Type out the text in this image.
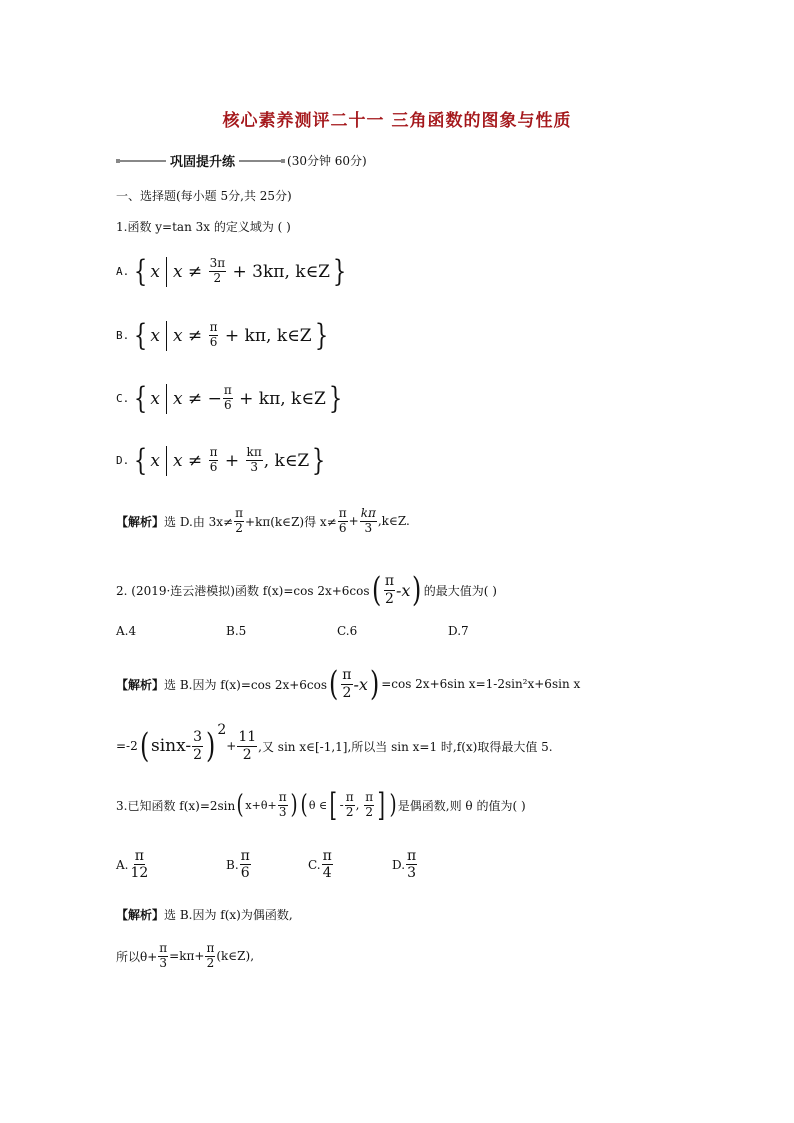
核心素养测评二十一 三角函数的图象与性质
巩固提升练	(30分钟 60分)
一、选择题(每小题 5分,共 25分)
1.函数 y=tan 3x 的定义域为 ( )
A. { x $x \ne \frac{3\pi}{2}$
+ 3kπ, k∈Z }
B. { x $x \ne \frac{\pi}{6}$
+ kπ, k∈Z }
C. { x x ≠ − $\frac{\pi}{6}$
+ kπ, k∈Z }
D. { x $x \ne \frac{\pi}{6} + \frac{k\pi}{3}$ , k∈Z }
【解析】 选 D.由 $3x\ne \frac{\pi}{2}$ +kπ(k∈Z)得 $x\ne \frac{\pi}{6} + \frac{k\pi}{3}$ ,k∈Z.
2. (2019·连云港模拟)函数 f(x)=cos 2x+6cos ( $\frac{\pi}{2} -x$ ) 的最大值为( )
A.4	B.5	C.6	D.7
【解析】 选 B.因为 f(x)=cos 2x+6cos ( $\frac{\pi}{2} -x$ ) =cos 2x+6sin x=1-2sin²x+6sin x
=-2 ( $\sin x- \frac{3}{2}$ ) 2
+ $\frac{11}{2}$ ,又 sin x∈[-1,1],所以当 sin x=1 时,f(x)取得最大值 5.
3.已知函数 f(x)=2sin ( $x+\theta+ \frac{\pi}{3}$ ) ( θ ∈ [ - $\frac{\pi}{2}$ ,
$\frac{\pi}{2}$ ] ) 是偶函数,则 θ 的值为( )
A. $\frac{\pi}{12}$	B. $\frac{\pi}{6}$	C. $\frac{\pi}{4}$	D. $\frac{\pi}{3}$
【解析】选 B.因为 f(x)为偶函数,
所以$\theta+ \frac{\pi}{3} =k\pi+ \frac{\pi}{2}$ (k∈Z),
